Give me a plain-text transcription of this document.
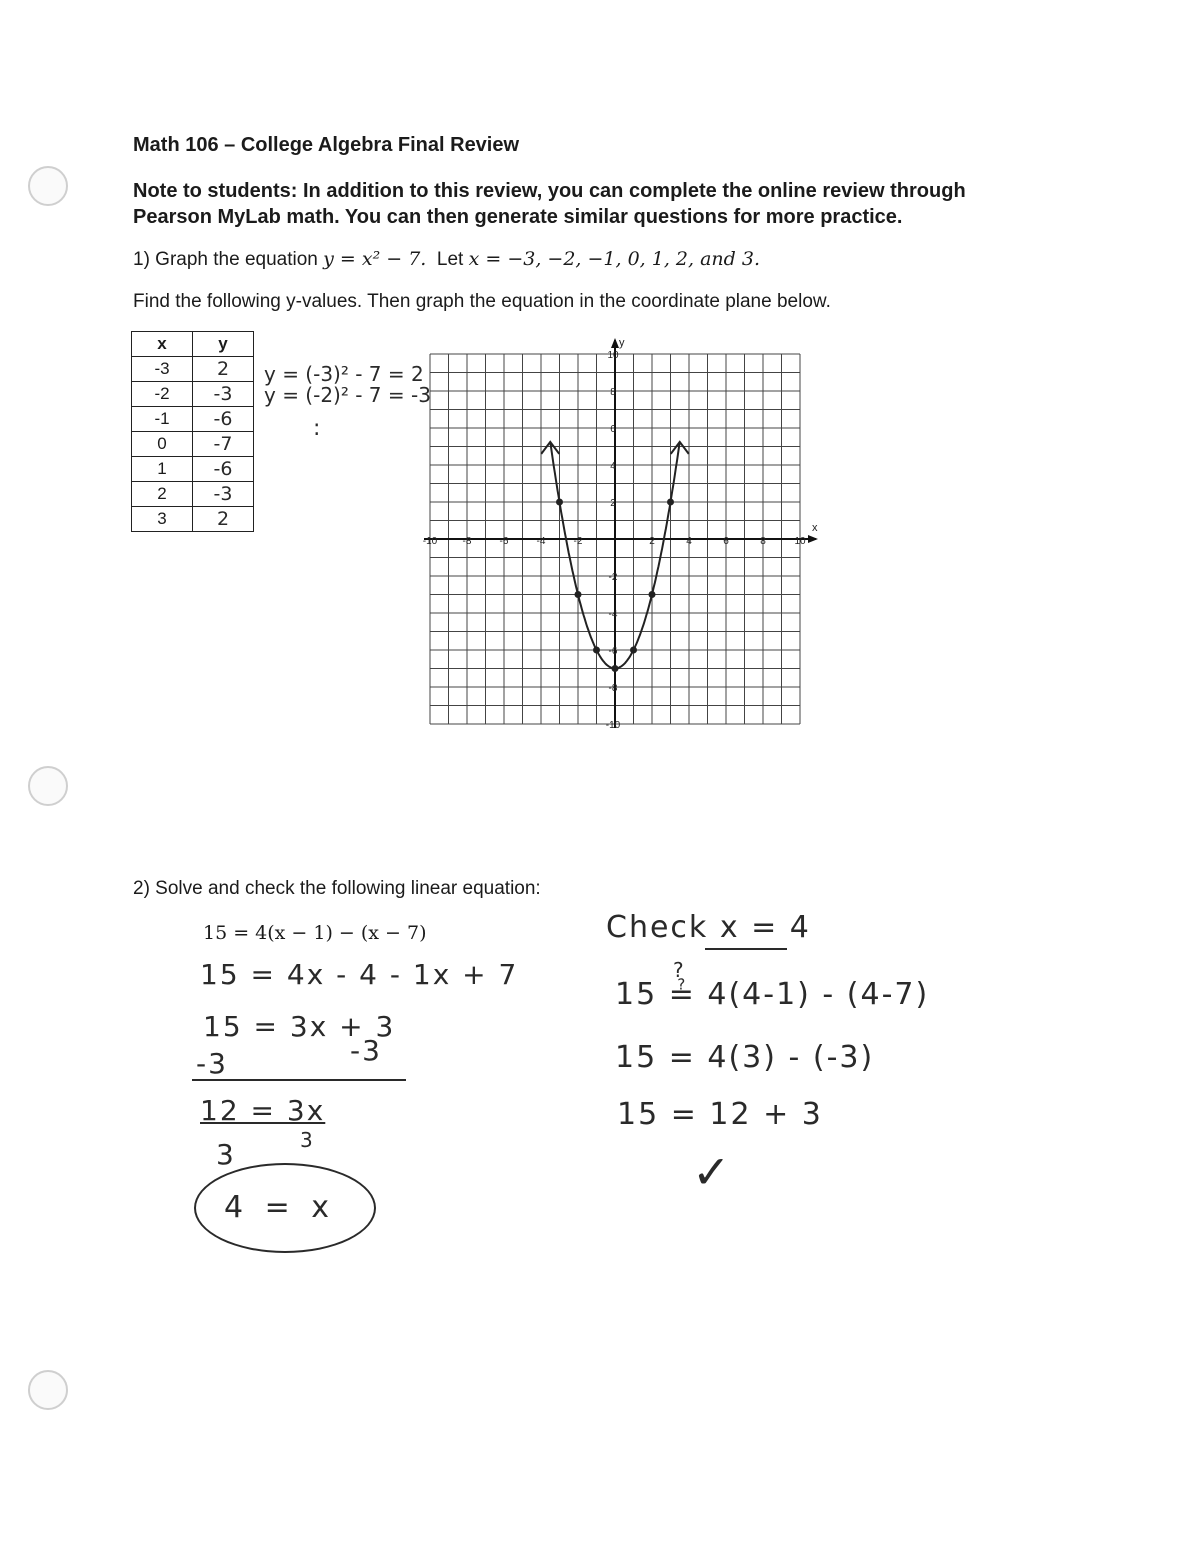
Math 106 – College Algebra Final Review
Note to students: In addition to this review, you can complete the online review through
Pearson MyLab math. You can then generate similar questions for more practice.
1) Graph the equation y = x² − 7. Let x = −3, −2, −1, 0, 1, 2, and 3.
Find the following y-values. Then graph the equation in the coordinate plane below.
x	y
-3	2
-2	-3
-1	-6
0	-7
1	-6
2	-3
3	2
y = (-3)² - 7 = 2
y = (-2)² - 7 = -3
:
x
y
-10	-8	-6	-4	-2	2	4	6	8	10
10
8
6
4
2
-2
-4
-6
-8
-10
2) Solve and check the following linear equation:
15 = 4(x − 1) − (x − 7)
15 = 4x - 4 - 1x + 7
15 = 3x + 3
-3	-3
12 = 3x
3	3
4 = x
Check x = 4
?
15 ≟ 4(4-1) - (4-7)
15 = 4(3) - (-3)
15 = 12 + 3
✓
